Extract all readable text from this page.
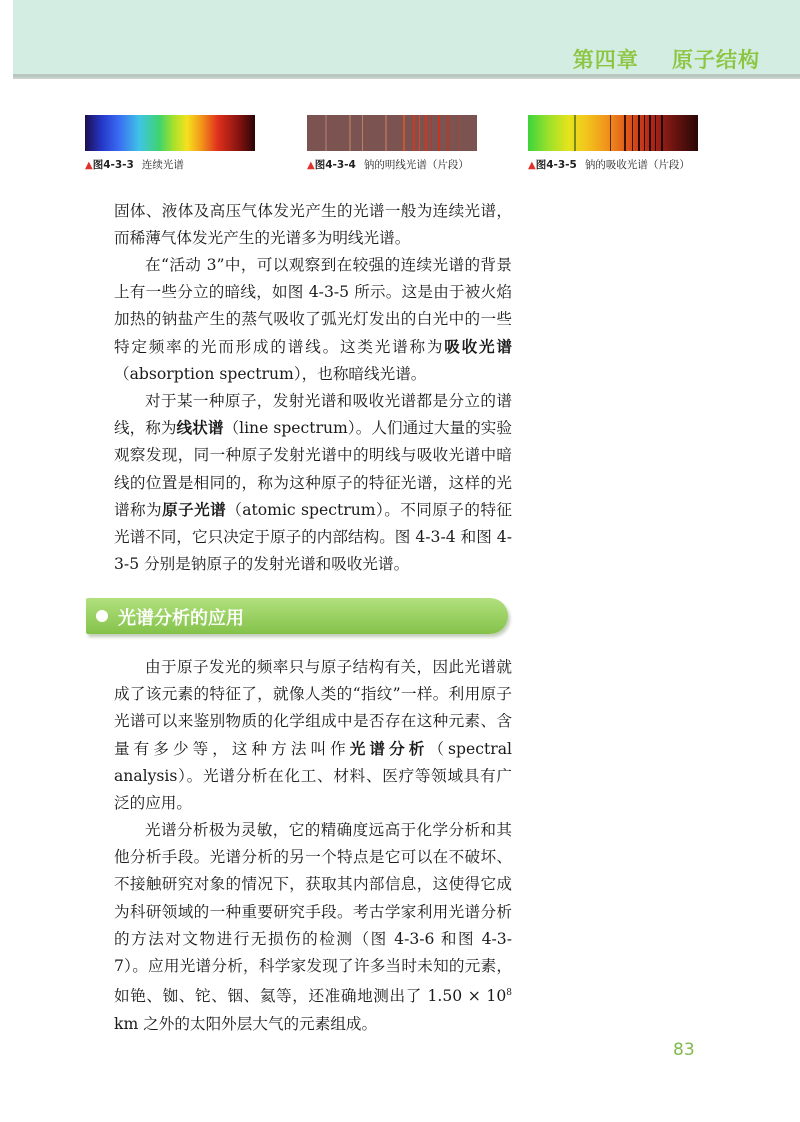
第四章    原子结构
▲图4-3-3 连续光谱	▲图4-3-4 钠的明线光谱（片段）	▲图4-3-5 钠的吸收光谱（片段）
固体、液体及高压气体发光产生的光谱一般为连续光谱，而稀薄气体发光产生的光谱多为明线光谱。
在“活动 3”中，可以观察到在较强的连续光谱的背景上有一些分立的暗线，如图 4-3-5 所示。这是由于被火焰加热的钠盐产生的蒸气吸收了弧光灯发出的白光中的一些特定频率的光而形成的谱线。这类光谱称为吸收光谱（absorption spectrum），也称暗线光谱。
对于某一种原子，发射光谱和吸收光谱都是分立的谱线，称为线状谱（line spectrum）。人们通过大量的实验观察发现，同一种原子发射光谱中的明线与吸收光谱中暗线的位置是相同的，称为这种原子的特征光谱，这样的光谱称为原子光谱（atomic spectrum）。不同原子的特征光谱不同，它只决定于原子的内部结构。图 4-3-4 和图 4-3-5 分别是钠原子的发射光谱和吸收光谱。
光谱分析的应用
由于原子发光的频率只与原子结构有关，因此光谱就成了该元素的特征了，就像人类的“指纹”一样。利用原子光谱可以来鉴别物质的化学组成中是否存在这种元素、含量有多少等，这种方法叫作光谱分析（spectral analysis）。光谱分析在化工、材料、医疗等领域具有广泛的应用。
光谱分析极为灵敏，它的精确度远高于化学分析和其他分析手段。光谱分析的另一个特点是它可以在不破坏、不接触研究对象的情况下，获取其内部信息，这使得它成为科研领域的一种重要研究手段。考古学家利用光谱分析的方法对文物进行无损伤的检测（图 4-3-6 和图 4-3-7）。应用光谱分析，科学家发现了许多当时未知的元素，如铯、铷、铊、铟、氦等，还准确地测出了 $1.50 \times 10^8$ km 之外的太阳外层大气的元素组成。
83
